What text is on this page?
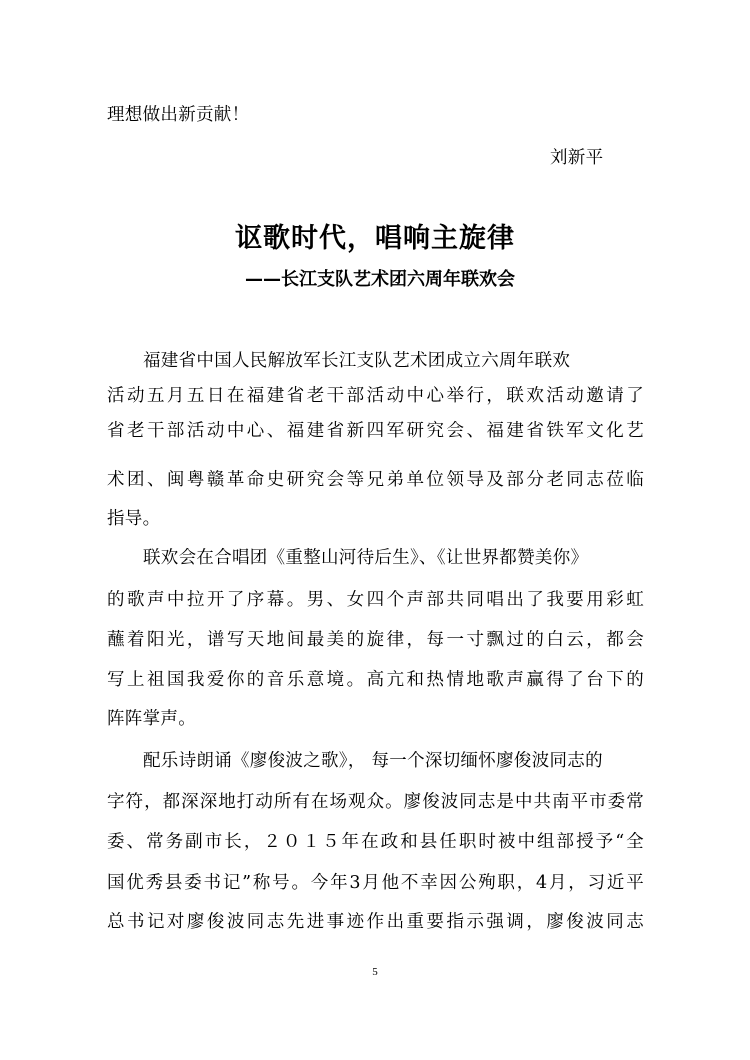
理想做出新贡献！
刘新平
讴歌时代，唱响主旋律
——长江支队艺术团六周年联欢会
福建省中国人民解放军长江支队艺术团成立六周年联欢
活动五月五日在福建省老干部活动中心举行，联欢活动邀请了
省老干部活动中心、福建省新四军研究会、福建省铁军文化艺
术团、闽粤赣革命史研究会等兄弟单位领导及部分老同志莅临
指导。
联欢会在合唱团《重整山河待后生》、《让世界都赞美你》
的歌声中拉开了序幕。男、女四个声部共同唱出了我要用彩虹
蘸着阳光，谱写天地间最美的旋律，每一寸飘过的白云，都会
写上祖国我爱你的音乐意境。高亢和热情地歌声赢得了台下的
阵阵掌声。
配乐诗朗诵《廖俊波之歌》， 每一个深切缅怀廖俊波同志的
字符，都深深地打动所有在场观众。廖俊波同志是中共南平市委常
委、常务副市长，２０１５年在政和县任职时被中组部授予“全
国优秀县委书记”称号。今年3月他不幸因公殉职，4月，习近平
总书记对廖俊波同志先进事迹作出重要指示强调，廖俊波同志
5
